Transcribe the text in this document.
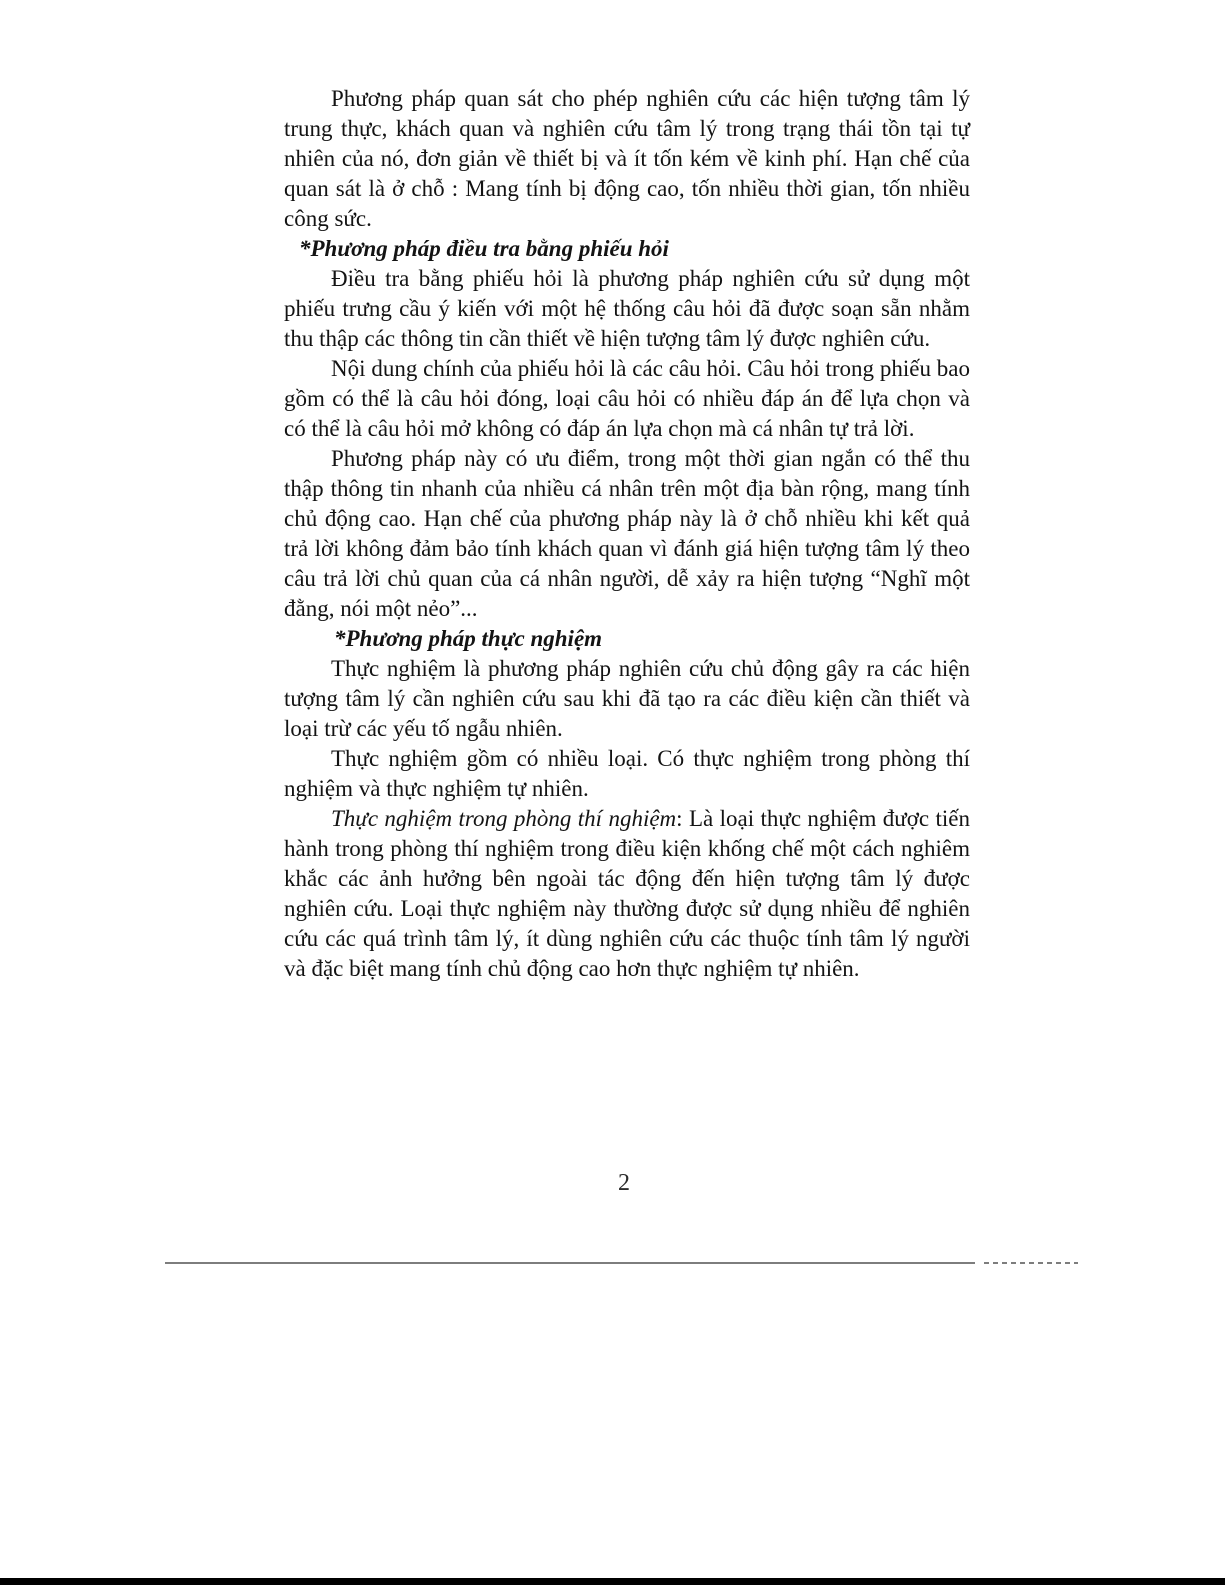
Phương pháp quan sát cho phép nghiên cứu các hiện tượng tâm lý trung thực, khách quan và nghiên cứu tâm lý trong trạng thái tồn tại tự nhiên của nó, đơn giản về thiết bị và ít tốn kém về kinh phí. Hạn chế của quan sát là ở chỗ : Mang tính bị động cao, tốn nhiều thời gian, tốn nhiều công sức.

*Phương pháp điều tra bằng phiếu hỏi

Điều tra bằng phiếu hỏi là phương pháp nghiên cứu sử dụng một phiếu trưng cầu ý kiến với một hệ thống câu hỏi đã được soạn sẵn nhằm thu thập các thông tin cần thiết về hiện tượng tâm lý được nghiên cứu.

Nội dung chính của phiếu hỏi là các câu hỏi. Câu hỏi trong phiếu bao gồm có thể là câu hỏi đóng, loại câu hỏi có nhiều đáp án để lựa chọn và có thể là câu hỏi mở không có đáp án lựa chọn mà cá nhân tự trả lời.

Phương pháp này có ưu điểm, trong một thời gian ngắn có thể thu thập thông tin nhanh của nhiều cá nhân trên một địa bàn rộng, mang tính chủ động cao. Hạn chế của phương pháp này là ở chỗ nhiều khi kết quả trả lời không đảm bảo tính khách quan vì đánh giá hiện tượng tâm lý theo câu trả lời chủ quan của cá nhân người, dễ xảy ra hiện tượng “Nghĩ một đằng, nói một nẻo”...

*Phương pháp thực nghiệm

Thực nghiệm là phương pháp nghiên cứu chủ động gây ra các hiện tượng tâm lý cần nghiên cứu sau khi đã tạo ra các điều kiện cần thiết và loại trừ các yếu tố ngẫu nhiên.

Thực nghiệm gồm có nhiều loại. Có thực nghiệm trong phòng thí nghiệm và thực nghiệm tự nhiên.

Thực nghiệm trong phòng thí nghiệm: Là loại thực nghiệm được tiến hành trong phòng thí nghiệm trong điều kiện khống chế một cách nghiêm khắc các ảnh hưởng bên ngoài tác động đến hiện tượng tâm lý được nghiên cứu. Loại thực nghiệm này thường được sử dụng nhiều để nghiên cứu các quá trình tâm lý, ít dùng nghiên cứu các thuộc tính tâm lý người và đặc biệt mang tính chủ động cao hơn thực nghiệm tự nhiên.

2
